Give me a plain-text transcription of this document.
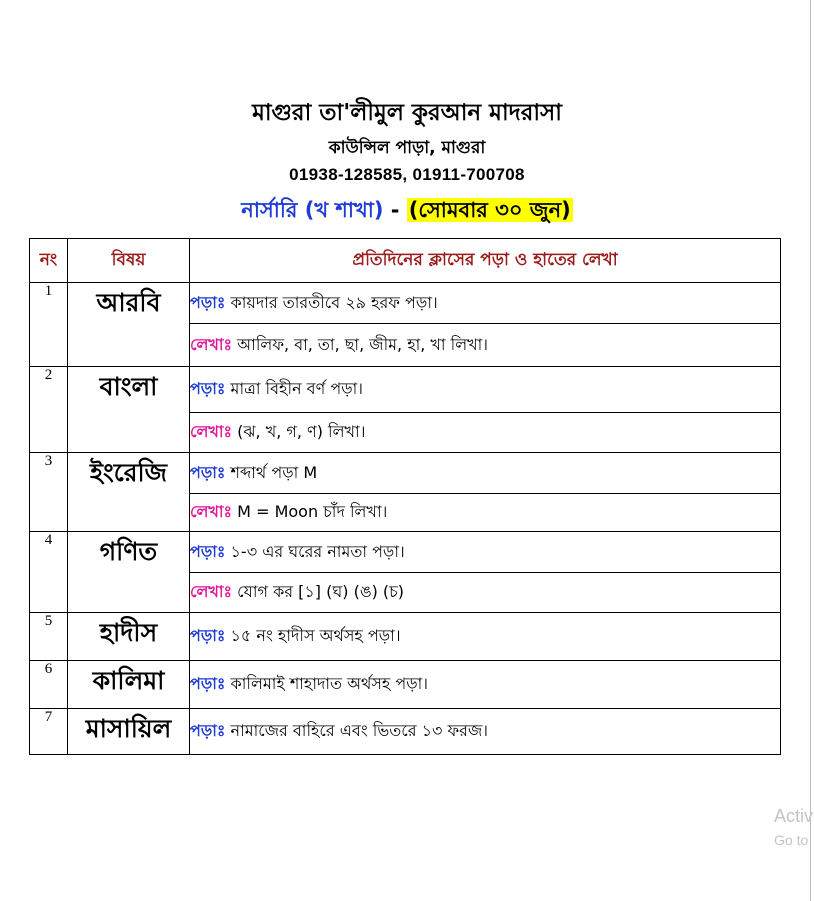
মাগুরা তা'লীমুল কুরআন মাদরাসা
কাউন্সিল পাড়া, মাগুরা
01938-128585, 01911-700708
নার্সারি (খ শাখা) - (সোমবার ৩০ জুন)
নং	বিষয়	প্রতিদিনের ক্লাসের পড়া ও হাতের লেখা
1	আরবি	পড়াঃ কায়দার তারতীবে ২৯ হরফ পড়া।
		লেখাঃ আলিফ, বা, তা, ছা, জীম, হা, খা লিখা।
2	বাংলা	পড়াঃ মাত্রা বিহীন বর্ণ পড়া।
		লেখাঃ (ঝ, খ, গ, ণ) লিখা।
3	ইংরেজি	পড়াঃ শব্দার্থ পড়া M
		লেখাঃ M = Moon চাঁদ লিখা।
4	গণিত	পড়াঃ ১-৩ এর ঘরের নামতা পড়া।
		লেখাঃ যোগ কর [১] (ঘ) (ঙ) (চ)
5	হাদীস	পড়াঃ ১৫ নং হাদীস অর্থসহ পড়া।
6	কালিমা	পড়াঃ কালিমাই শাহাদাত অর্থসহ পড়া।
7	মাসায়িল	পড়াঃ নামাজের বাহিরে এবং ভিতরে ১৩ ফরজ।
Activ
Go to
